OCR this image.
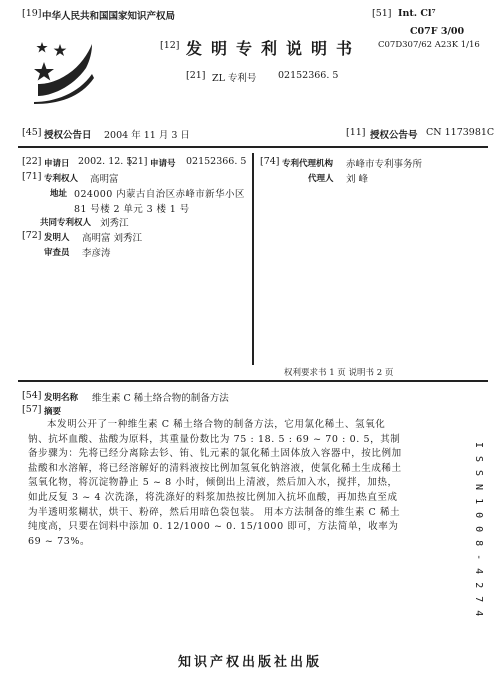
[19] 中华人民共和国国家知识产权局	[51] Int. Cl⁷
C07F 3/00
C07D307/62 A23K 1/16
[12] 发明专利说明书
[21] ZL 专利号 02152366. 5
[45] 授权公告日 2004 年 11 月 3 日	[11] 授权公告号 CN 1173981C
[22] 申请日 2002. 12. 5
[21] 申请号 02152366. 5
[71] 专利权人 高明富
地址 024000 内蒙古自治区赤峰市新华小区
81 号楼 2 单元 3 楼 1 号
共同专利权人 刘秀江
[72] 发明人 高明富 刘秀江
审查员 李彦涛
[74] 专利代理机构 赤峰市专利事务所
代理人 刘 峰
权利要求书 1 页 说明书 2 页
[54] 发明名称 维生素 C 稀土络合物的制备方法
[57] 摘要
本发明公开了一种维生素 C 稀土络合物的制备方法，它用氯化稀土、氢氧化钠、抗坏血酸、盐酸为原料，其重量份数比为 75 : 18. 5 : 69 ~ 70 : 0. 5，其制备步骤为：先将已经分离除去钐、铕、钆元素的氯化稀土固体放入容器中，按比例加盐酸和水溶解，将已经溶解好的清料液按比例加氢氧化钠溶液，使氯化稀土生成稀土氢氧化物，将沉淀物静止 5 ~ 8 小时，倾倒出上清液，然后加入水，搅拌，加热，如此反复 3 ~ 4 次洗涤，将洗涤好的料浆加热按比例加入抗坏血酸，再加热直至成为半透明浆糊状，烘干、粉碎，然后用暗色袋包装。 用本方法制备的维生素 C 稀土纯度高，只要在饲料中添加 0. 12/1000 ~ 0. 15/1000 即可，方法简单，收率为 69 ~ 73%。	ISSN1008-4274
知识产权出版社出版
